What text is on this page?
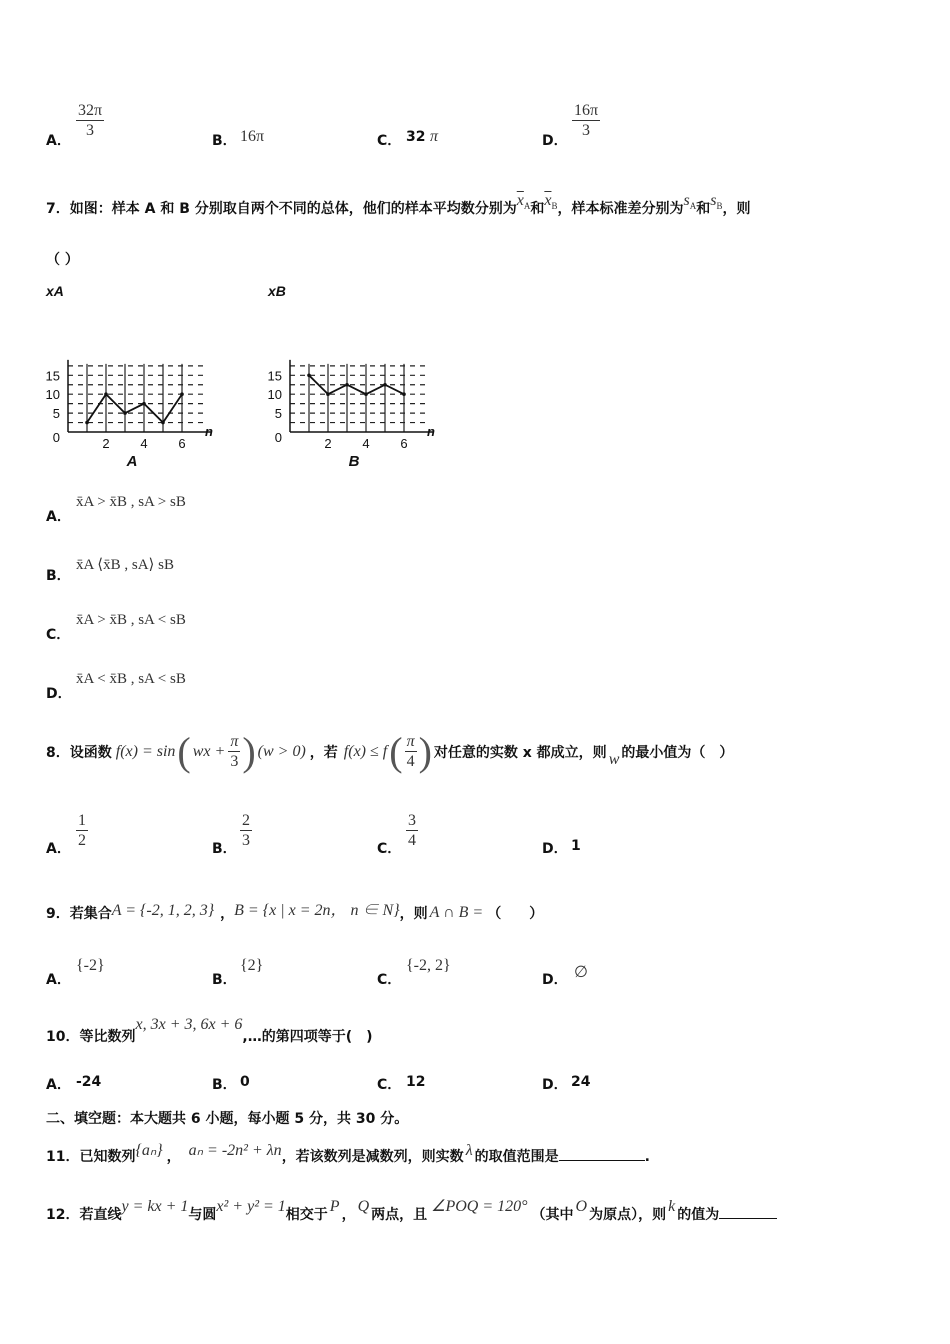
A．
$\frac{32\pi}{3}$
B． 16π	C． 32 π	D．
$\frac{16\pi}{3}$
7．如图：样本 A 和 B 分别取自两个不同的总体，他们的样本平均数分别为$\overline{x}_A$和$\overline{x}_B$，样本标准差分别为$s_A$和$s_B$，则
（ ）
xA
n
0
5
10
15
2 4 6
A
xB
n
0
5
10
15
2 4 6
B
A．
x̄A > x̄B , sA > sB
B．
x̄A ⟨x̄B , sA⟩ sB
C．
x̄A > x̄B , sA < sB
D．
x̄A < x̄B , sA < sB
8．设函数 f(x) = sin ( wx + $\frac{\pi}{3}$ ) (w > 0) ，若 f(x) ≤ f ( $\frac{\pi}{4}$ ) 对任意的实数 x 都成立，则 w 的最小值为（　）
A． $\frac{1}{2}$	B． $\frac{2}{3}$	C． $\frac{3}{4}$	D． 1
9．若集合A = {-2, 1, 2, 3} ，B = {x | x = 2n， n ∈ N}，则 A ∩ B = （　　）
A．
{-2}
B．
{2}
C．
{-2, 2}
D． ∅
10．等比数列x, 3x + 3, 6x + 6,…的第四项等于(　)
A． -24	B． 0	C． 12	D． 24
二、填空题：本大题共 6 小题，每小题 5 分，共 30 分。
11．已知数列{aₙ} ， aₙ = -2n² + λn，若该数列是减数列，则实数 λ 的取值范围是	.
12．若直线y = kx + 1与圆x² + y² = 1相交于 P ， Q 两点，且 ∠POQ = 120° （其中 O 为原点），则 k 的值为
